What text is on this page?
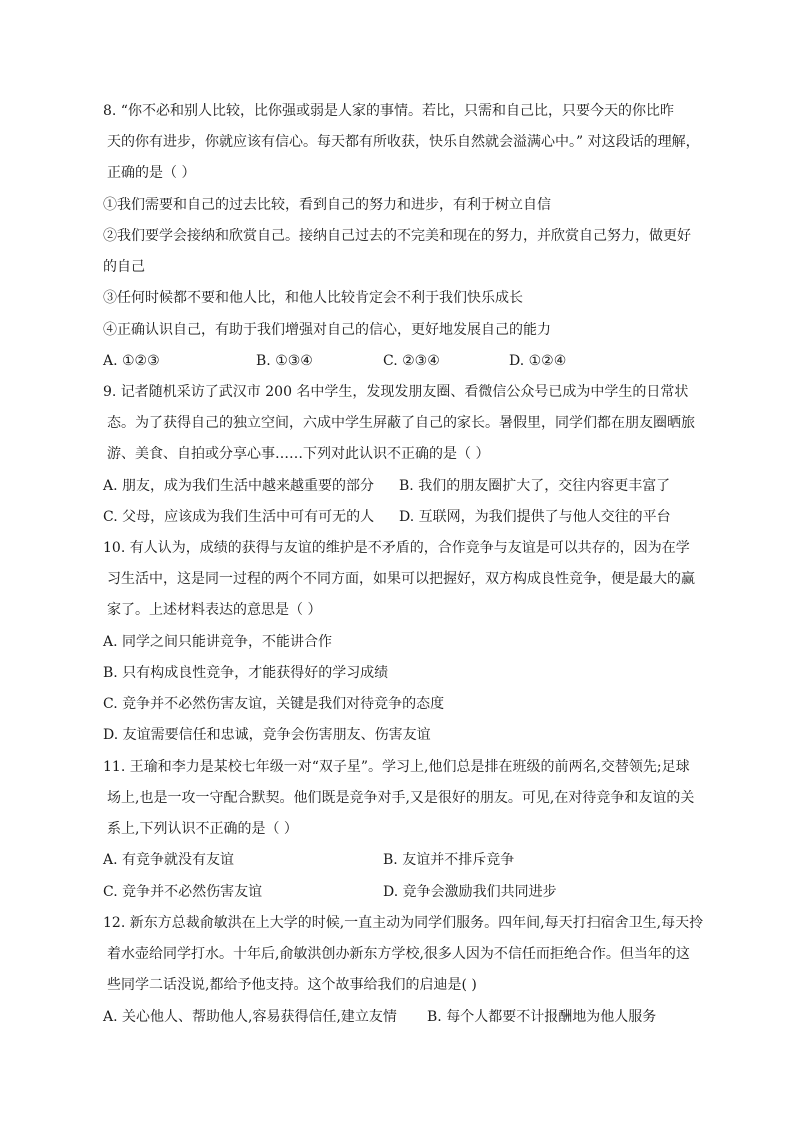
8. “你不必和别人比较，比你强或弱是人家的事情。若比，只需和自己比，只要今天的你比昨
天的你有进步，你就应该有信心。每天都有所收获，快乐自然就会溢满心中。” 对这段话的理解，
正确的是（ ）
①我们需要和自己的过去比较，看到自己的努力和进步，有利于树立自信
②我们要学会接纳和欣赏自己。接纳自己过去的不完美和现在的努力，并欣赏自己努力，做更好
的自己
③任何时候都不要和他人比，和他人比较肯定会不利于我们快乐成长
④正确认识自己，有助于我们增强对自己的信心，更好地发展自己的能力
A. ①②③	B. ①③④	C. ②③④	D. ①②④
9. 记者随机采访了武汉市 200 名中学生，发现发朋友圈、看微信公众号已成为中学生的日常状
态。为了获得自己的独立空间，六成中学生屏蔽了自己的家长。暑假里，同学们都在朋友圈晒旅
游、美食、自拍或分享心事……下列对此认识不正确的是（ ）
A. 朋友，成为我们生活中越来越重要的部分 B. 我们的朋友圈扩大了，交往内容更丰富了
C. 父母，应该成为我们生活中可有可无的人 D. 互联网，为我们提供了与他人交往的平台
10. 有人认为，成绩的获得与友谊的维护是不矛盾的，合作竞争与友谊是可以共存的，因为在学
习生活中，这是同一过程的两个不同方面，如果可以把握好，双方构成良性竞争，便是最大的赢
家了。上述材料表达的意思是（ ）
A. 同学之间只能讲竞争，不能讲合作
B. 只有构成良性竞争，才能获得好的学习成绩
C. 竞争并不必然伤害友谊，关键是我们对待竞争的态度
D. 友谊需要信任和忠诚，竞争会伤害朋友、伤害友谊
11. 王瑜和李力是某校七年级一对“双子星”。学习上,他们总是排在班级的前两名,交替领先;足球
场上,也是一攻一守配合默契。他们既是竞争对手,又是很好的朋友。可见,在对待竞争和友谊的关
系上,下列认识不正确的是（ ）
A. 有竞争就没有友谊	B. 友谊并不排斥竞争
C. 竞争并不必然伤害友谊	D. 竞争会激励我们共同进步
12. 新东方总裁俞敏洪在上大学的时候,一直主动为同学们服务。四年间,每天打扫宿舍卫生,每天拎
着水壶给同学打水。十年后,俞敏洪创办新东方学校,很多人因为不信任而拒绝合作。但当年的这
些同学二话没说,都给予他支持。这个故事给我们的启迪是( )
A. 关心他人、帮助他人,容易获得信任,建立友情 B. 每个人都要不计报酬地为他人服务
